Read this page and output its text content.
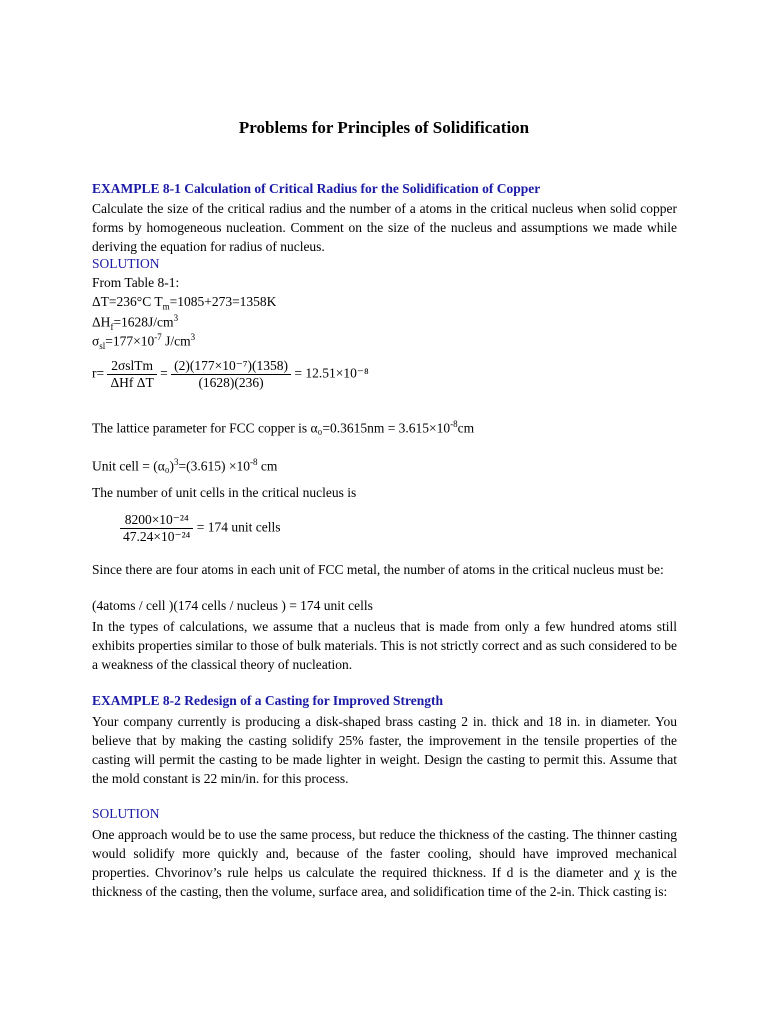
Problems for Principles of Solidification
EXAMPLE 8-1 Calculation of Critical Radius for the Solidification of Copper
Calculate the size of the critical radius and the number of a atoms in the critical nucleus when solid copper forms by homogeneous nucleation. Comment on the size of the nucleus and assumptions we made while deriving the equation for radius of nucleus.
SOLUTION
From Table 8-1:
ΔT=236°C $T_m=1085+273=1358K$
$\Delta H_f=1628J/cm^3$
$\sigma_{sl}=177\times 10^{-7}$ $J/cm^3$
$r= \frac{\text{2σslTm}}{\text{ΔHf ΔT}} = \frac{\text{(2)(177×10⁻⁷)(1358)}}{(1628)(236)} = 12.51\times 10^{-8}$
The lattice parameter for FCC copper is $\alpha_0=0.3615nm = 3.615\times 10^{-8}cm$
Unit cell = $(\alpha_0)^3=(3.615) \times 10^{-8}$ cm
The number of unit cells in the critical nucleus is
$\frac{\text{8200×10⁻²⁴}}{\text{47.24×10⁻²⁴}} = 174$ unit cells
Since there are four atoms in each unit of FCC metal, the number of atoms in the critical nucleus must be:
(4atoms / cell )(174 cells / nucleus ) = 174 unit cells
In the types of calculations, we assume that a nucleus that is made from only a few hundred atoms still exhibits properties similar to those of bulk materials. This is not strictly correct and as such considered to be a weakness of the classical theory of nucleation.
EXAMPLE 8-2 Redesign of a Casting for Improved Strength
Your company currently is producing a disk-shaped brass casting 2 in. thick and 18 in. in diameter. You believe that by making the casting solidify 25% faster, the improvement in the tensile properties of the casting will permit the casting to be made lighter in weight. Design the casting to permit this. Assume that the mold constant is 22 min/in. for this process.
SOLUTION
One approach would be to use the same process, but reduce the thickness of the casting. The thinner casting would solidify more quickly and, because of the faster cooling, should have improved mechanical properties. Chvorinov’s rule helps us calculate the required thickness. If d is the diameter and χ is the thickness of the casting, then the volume, surface area, and solidification time of the 2-in. Thick casting is:
